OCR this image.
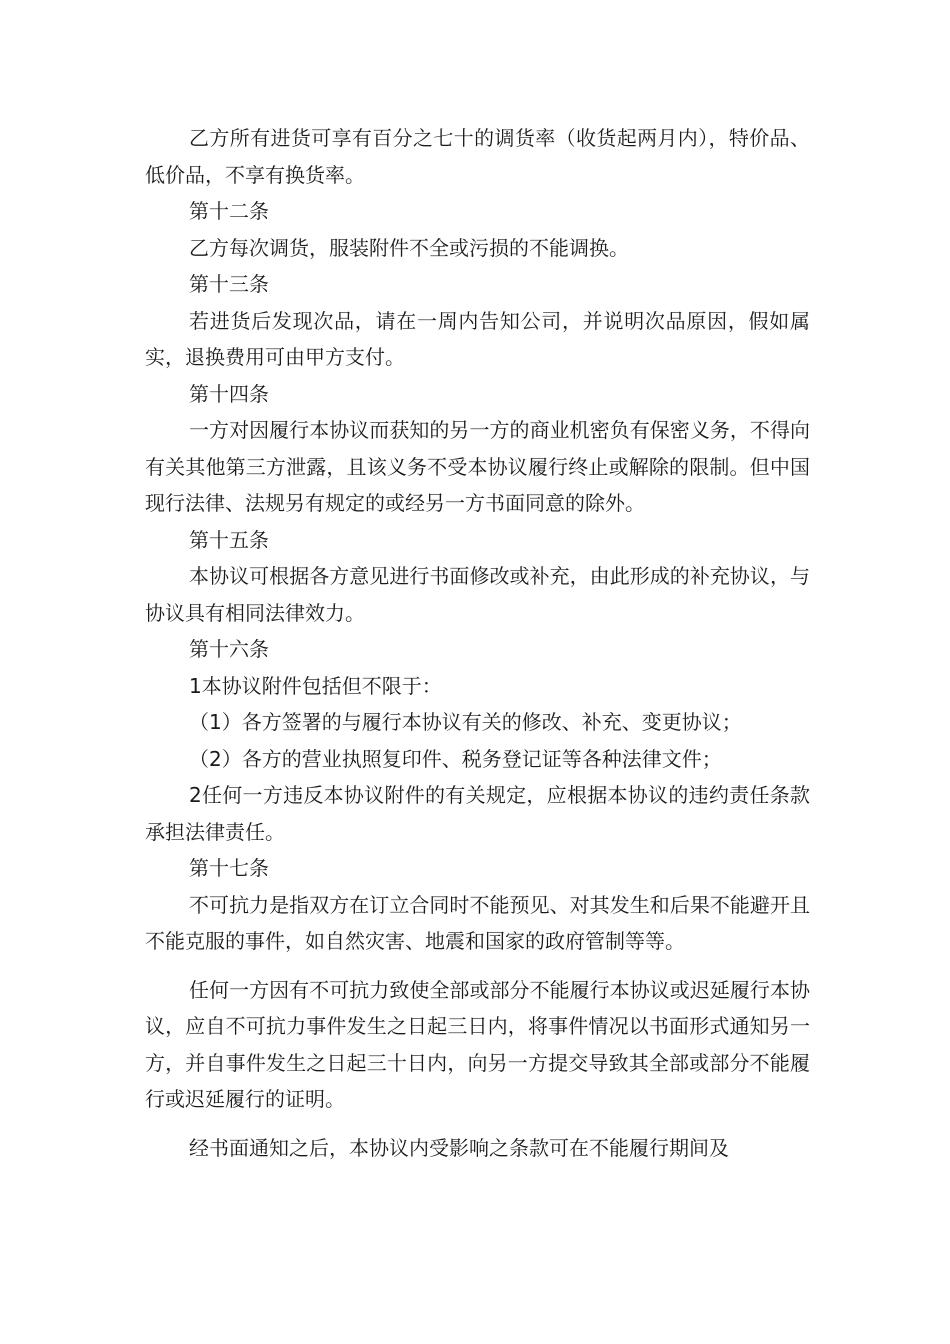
乙方所有进货可享有百分之七十的调货率（收货起两月内），特价品、低价品，不享有换货率。

第十二条

乙方每次调货，服装附件不全或污损的不能调换。

第十三条

若进货后发现次品，请在一周内告知公司，并说明次品原因，假如属实，退换费用可由甲方支付。

第十四条

一方对因履行本协议而获知的另一方的商业机密负有保密义务，不得向有关其他第三方泄露，且该义务不受本协议履行终止或解除的限制。但中国现行法律、法规另有规定的或经另一方书面同意的除外。

第十五条

本协议可根据各方意见进行书面修改或补充，由此形成的补充协议，与协议具有相同法律效力。

第十六条

1本协议附件包括但不限于：

（1）各方签署的与履行本协议有关的修改、补充、变更协议；

（2）各方的营业执照复印件、税务登记证等各种法律文件；

2任何一方违反本协议附件的有关规定，应根据本协议的违约责任条款承担法律责任。

第十七条

不可抗力是指双方在订立合同时不能预见、对其发生和后果不能避开且不能克服的事件，如自然灾害、地震和国家的政府管制等等。

任何一方因有不可抗力致使全部或部分不能履行本协议或迟延履行本协议，应自不可抗力事件发生之日起三日内，将事件情况以书面形式通知另一方，并自事件发生之日起三十日内，向另一方提交导致其全部或部分不能履行或迟延履行的证明。

经书面通知之后，本协议内受影响之条款可在不能履行期间及
